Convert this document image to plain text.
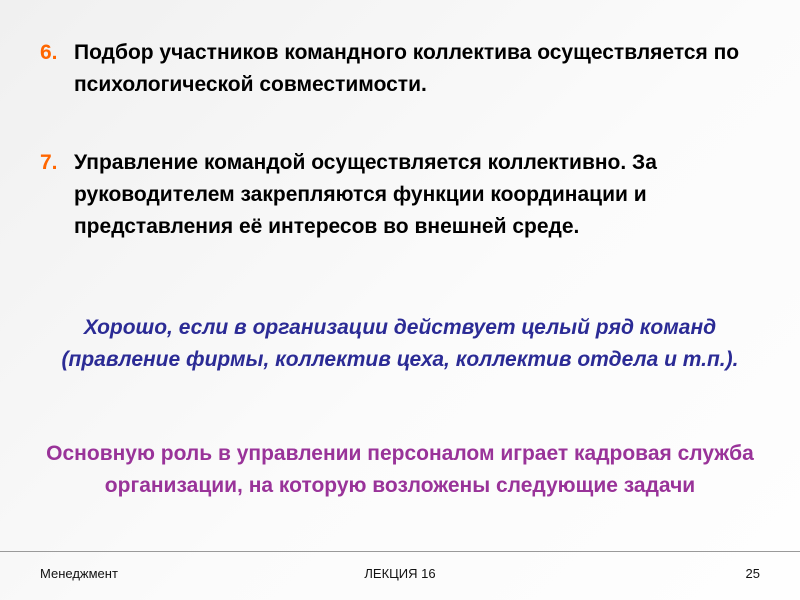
6. Подбор участников командного коллектива осуществляется по психологической совместимости.
7. Управление командой осуществляется коллективно. За руководителем закрепляются функции координации и представления её интересов во внешней среде.
Хорошо, если в организации действует целый ряд команд (правление фирмы, коллектив цеха, коллектив отдела и т.п.).
Основную роль в управлении персоналом играет кадровая служба организации, на которую возложены следующие задачи
Менеджмент	ЛЕКЦИЯ 16	25
